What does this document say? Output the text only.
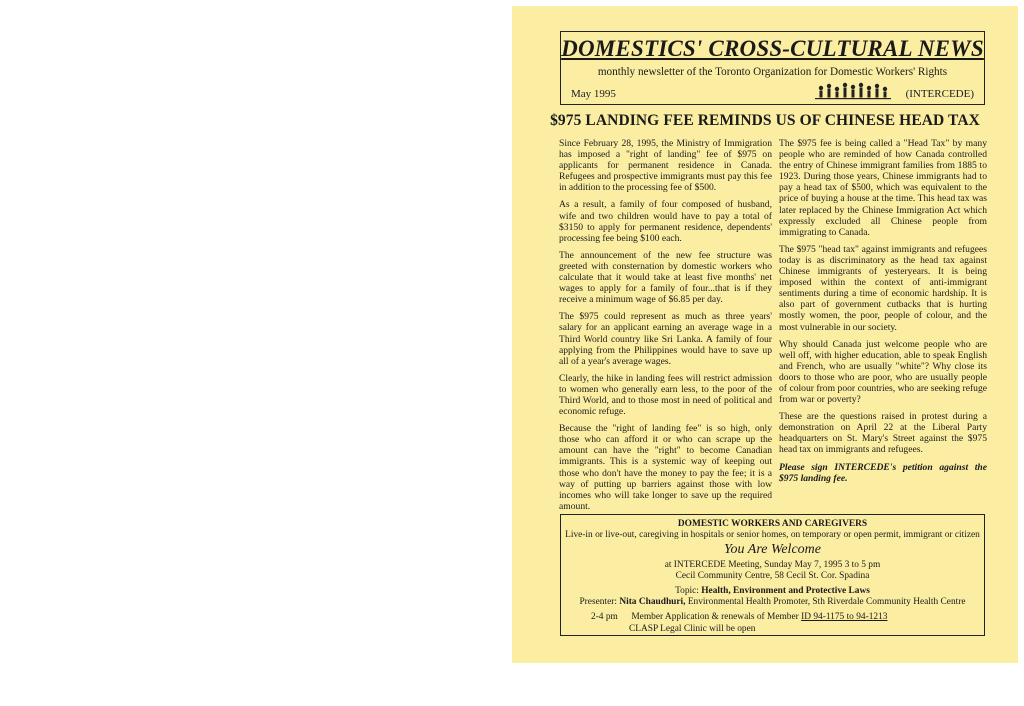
DOMESTICS' CROSS-CULTURAL NEWS
monthly newsletter of the Toronto Organization for Domestic Workers' Rights
May 1995	(INTERCEDE)
$975 LANDING FEE REMINDS US OF CHINESE HEAD TAX

Since February 28, 1995, the Ministry of Immigration has imposed a "right of landing" fee of $975 on applicants for permanent residence in Canada. Refugees and prospective immigrants must pay this fee in addition to the processing fee of $500.

As a result, a family of four composed of husband, wife and two children would have to pay a total of $3150 to apply for permanent residence, dependents' processing fee being $100 each.

The announcement of the new fee structure was greeted with consternation by domestic workers who calculate that it would take at least five months' net wages to apply for a family of four...that is if they receive a minimum wage of $6.85 per day.

The $975 could represent as much as three years' salary for an applicant earning an average wage in a Third World country like Sri Lanka. A family of four applying from the Philippines would have to save up all of a year's average wages.

Clearly, the hike in landing fees will restrict admission to women who generally earn less, to the poor of the Third World, and to those most in need of political and economic refuge.

Because the "right of landing fee" is so high, only those who can afford it or who can scrape up the amount can have the "right" to become Canadian immigrants. This is a systemic way of keeping out those who don't have the money to pay the fee; it is a way of putting up barriers against those with low incomes who will take longer to save up the required amount.

The $975 fee is being called a "Head Tax" by many people who are reminded of how Canada controlled the entry of Chinese immigrant families from 1885 to 1923. During those years, Chinese immigrants had to pay a head tax of $500, which was equivalent to the price of buying a house at the time. This head tax was later replaced by the Chinese Immigration Act which expressly excluded all Chinese people from immigrating to Canada.

The $975 "head tax" against immigrants and refugees today is as discriminatory as the head tax against Chinese immigrants of yesteryears. It is being imposed within the context of anti-immigrant sentiments during a time of economic hardship. It is also part of government cutbacks that is hurting mostly women, the poor, people of colour, and the most vulnerable in our society.

Why should Canada just welcome people who are well off, with higher education, able to speak English and French, who are usually "white"? Why close its doors to those who are poor, who are usually people of colour from poor countries, who are seeking refuge from war or poverty?

These are the questions raised in protest during a demonstration on April 22 at the Liberal Party headquarters on St. Mary's Street against the $975 head tax on immigrants and refugees.

Please sign INTERCEDE's petition against the $975 landing fee.

DOMESTIC WORKERS AND CAREGIVERS
Live-in or live-out, caregiving in hospitals or senior homes, on temporary or open permit, immigrant or citizen
You Are Welcome
at INTERCEDE Meeting, Sunday May 7, 1995 3 to 5 pm
Cecil Community Centre, 58 Cecil St. Cor. Spadina
Topic: Health, Environment and Protective Laws
Presenter: Nita Chaudhuri, Environmental Health Promoter, Sth Riverdale Community Health Centre
2-4 pm Member Application & renewals of Member ID 94-1175 to 94-1213
CLASP Legal Clinic will be open
